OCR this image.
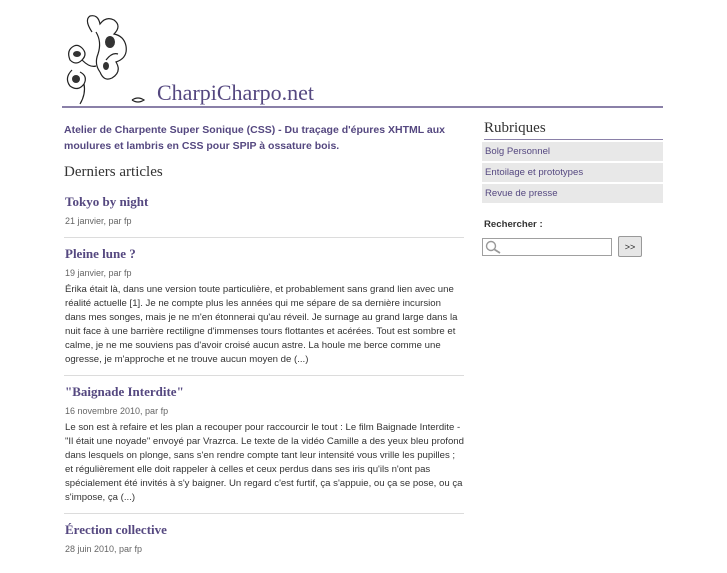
CharpiCharpo.net
Atelier de Charpente Super Sonique (CSS) - Du traçage d'épures XHTML aux moulures et lambris en CSS pour SPIP à ossature bois.
Derniers articles
Tokyo by night
21 janvier, par fp
Pleine lune ?
19 janvier, par fp
Érika était là, dans une version toute particulière, et probablement sans grand lien avec une réalité actuelle [1]. Je ne compte plus les années qui me sépare de sa dernière incursion dans mes songes, mais je ne m'en étonnerai qu'au réveil. Je surnage au grand large dans la nuit face à une barrière rectiligne d'immenses tours flottantes et acérées. Tout est sombre et calme, je ne me souviens pas d'avoir croisé aucun astre. La houle me berce comme une ogresse, je m'approche et ne trouve aucun moyen de (...)
"Baignade Interdite"
16 novembre 2010, par fp
Le son est à refaire et les plan a recouper pour raccourcir le tout : Le film Baignade Interdite - "Il était une noyade" envoyé par Vrazrca. Le texte de la vidéo Camille a des yeux bleu profond dans lesquels on plonge, sans s'en rendre compte tant leur intensité vous vrille les pupilles ; et régulièrement elle doit rappeler à celles et ceux perdus dans ses iris qu'ils n'ont pas spécialement été invités à s'y baigner. Un regard c'est furtif, ça s'appuie, ou ça se pose, ou ça s'impose, ça (...)
Érection collective
28 juin 2010, par fp
Rubriques
Bolg Personnel
Entoilage et prototypes
Revue de presse
Rechercher :
>>
